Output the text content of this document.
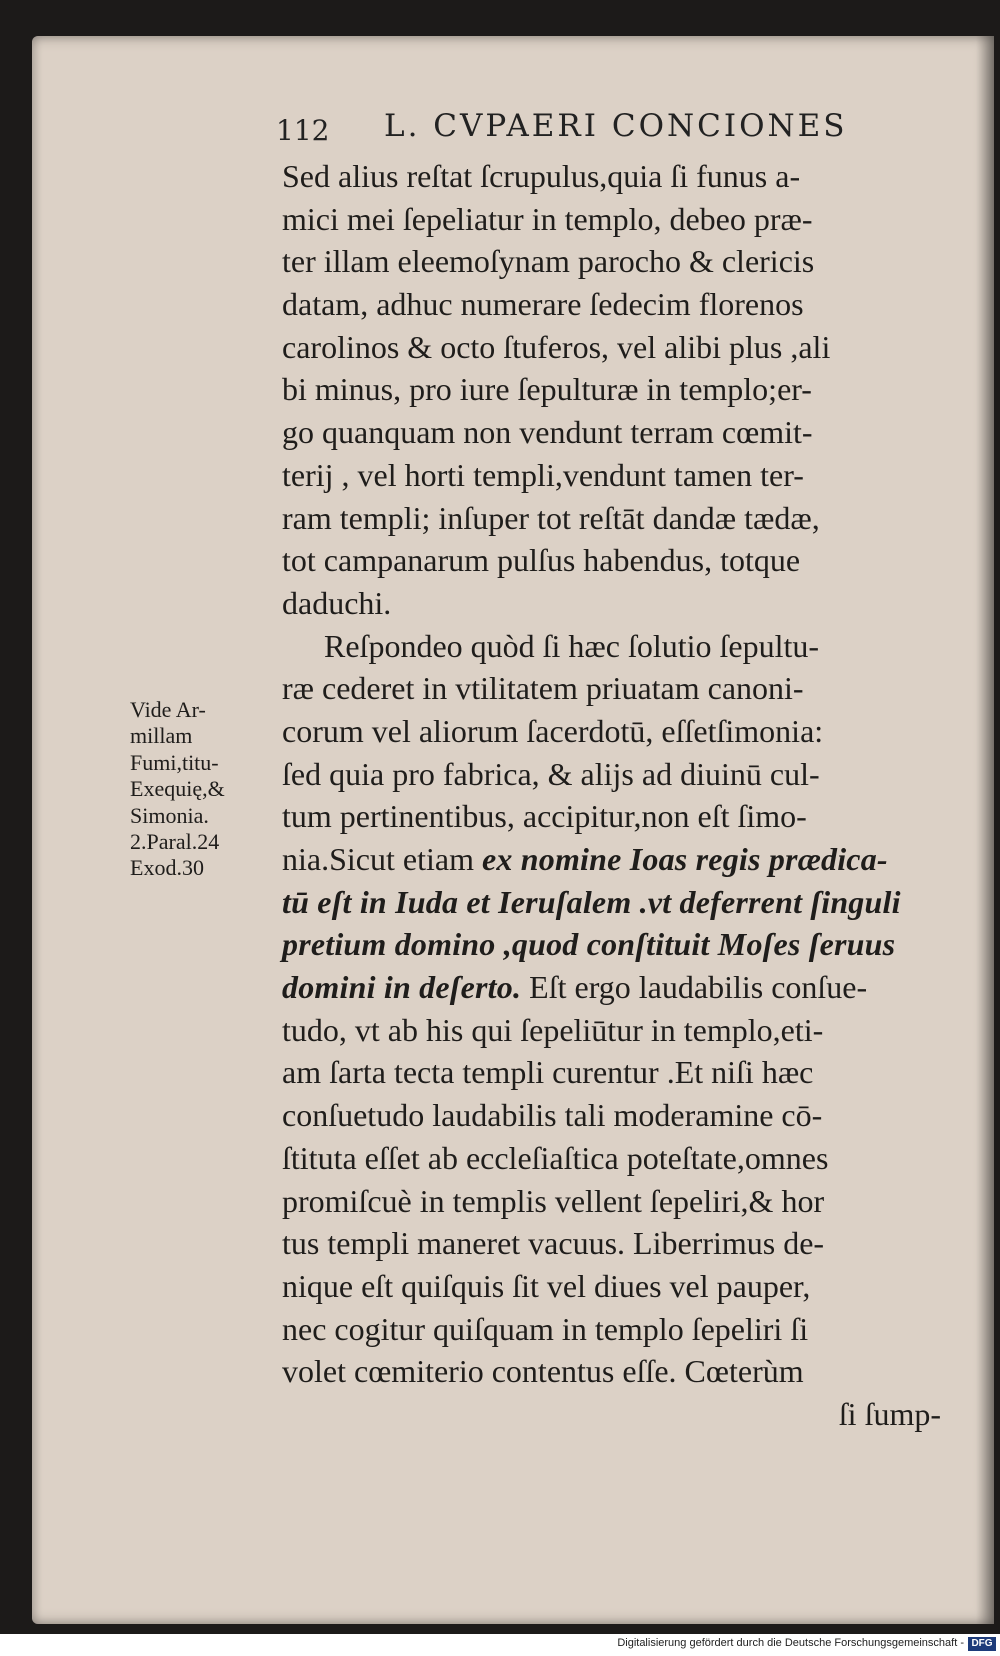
112 L. CVPAERI CONCIONES
Sed alius reſtat ſcrupulus,quia ſi funus a-
mici mei ſepeliatur in templo, debeo præ-
ter illam eleemoſynam parocho & clericis
datam, adhuc numerare ſedecim florenos
carolinos & octo ſtuferos, vel alibi plus ,ali
bi minus, pro iure ſepulturæ in templo;er-
go quanquam non vendunt terram cœmit-
terij , vel horti templi,vendunt tamen ter-
ram templi; inſuper tot reſtāt dandæ tædæ,
tot campanarum pulſus habendus, totque
daduchi.
Reſpondeo quòd ſi hæc ſolutio ſepultu-
ræ cederet in vtilitatem priuatam canoni-
corum vel aliorum ſacerdotū, eſſetſimonia:
ſed quia pro fabrica, & alijs ad diuinū cul-
tum pertinentibus, accipitur,non eſt ſimo-
nia.Sicut etiam ex nomine Ioas regis prædica-
tū eſt in Iuda et Ieruſalem .vt deferrent ſinguli
pretium domino ,quod conſtituit Moſes ſeruus
domini in deſerto. Eſt ergo laudabilis conſue-
tudo, vt ab his qui ſepeliūtur in templo,eti-
am ſarta tecta templi curentur .Et niſi hæc
conſuetudo laudabilis tali moderamine cō-
ſtituta eſſet ab eccleſiaſtica poteſtate,omnes
promiſcuè in templis vellent ſepeliri,& hor
tus templi maneret vacuus. Liberrimus de-
nique eſt quiſquis ſit vel diues vel pauper,
nec cogitur quiſquam in templo ſepeliri ſi
volet cœmiterio contentus eſſe. Cœterùm
ſi ſump-
Vide Ar-
millam
Fumi,titu-
Exequię,&
Simonia.
2.Paral.24
Exod.30
Digitalisierung gefördert durch die Deutsche Forschungsgemeinschaft - DFG
